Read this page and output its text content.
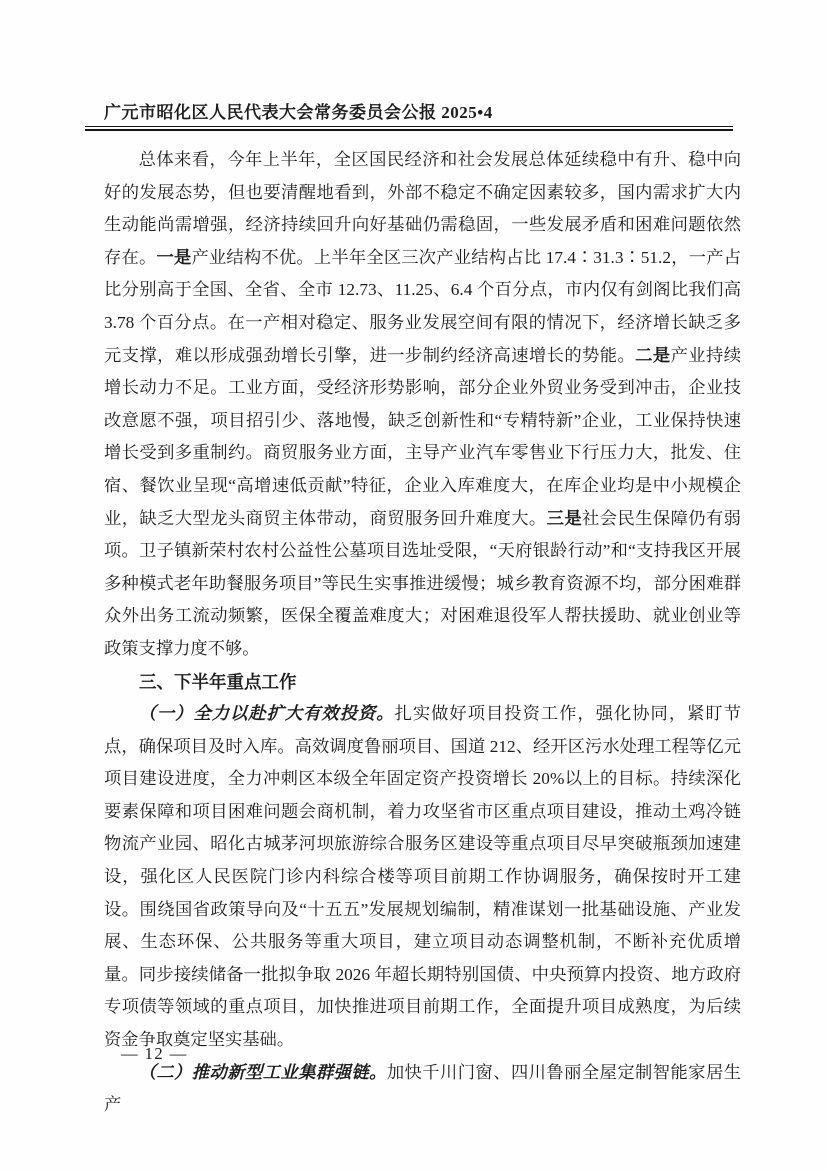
广元市昭化区人民代表大会常务委员会公报 2025•4

总体来看，今年上半年，全区国民经济和社会发展总体延续稳中有升、稳中向好的发展态势，但也要清醒地看到，外部不稳定不确定因素较多，国内需求扩大内生动能尚需增强，经济持续回升向好基础仍需稳固，一些发展矛盾和困难问题依然存在。一是产业结构不优。上半年全区三次产业结构占比 17.4∶31.3∶51.2，一产占比分别高于全国、全省、全市 12.73、11.25、6.4 个百分点，市内仅有剑阁比我们高 3.78 个百分点。在一产相对稳定、服务业发展空间有限的情况下，经济增长缺乏多元支撑，难以形成强劲增长引擎，进一步制约经济高速增长的势能。二是产业持续增长动力不足。工业方面，受经济形势影响，部分企业外贸业务受到冲击，企业技改意愿不强，项目招引少、落地慢，缺乏创新性和“专精特新”企业，工业保持快速增长受到多重制约。商贸服务业方面，主导产业汽车零售业下行压力大，批发、住宿、餐饮业呈现“高增速低贡献”特征，企业入库难度大，在库企业均是中小规模企业，缺乏大型龙头商贸主体带动，商贸服务回升难度大。三是社会民生保障仍有弱项。卫子镇新荣村农村公益性公墓项目选址受限，“天府银龄行动”和“支持我区开展多种模式老年助餐服务项目”等民生实事推进缓慢；城乡教育资源不均，部分困难群众外出务工流动频繁，医保全覆盖难度大；对困难退役军人帮扶援助、就业创业等政策支撑力度不够。

三、下半年重点工作

（一）全力以赴扩大有效投资。扎实做好项目投资工作，强化协同，紧盯节点，确保项目及时入库。高效调度鲁丽项目、国道 212、经开区污水处理工程等亿元项目建设进度，全力冲刺区本级全年固定资产投资增长 20%以上的目标。持续深化要素保障和项目困难问题会商机制，着力攻坚省市区重点项目建设，推动土鸡冷链物流产业园、昭化古城茅河坝旅游综合服务区建设等重点项目尽早突破瓶颈加速建设，强化区人民医院门诊内科综合楼等项目前期工作协调服务，确保按时开工建设。围绕国省政策导向及“十五五”发展规划编制，精准谋划一批基础设施、产业发展、生态环保、公共服务等重大项目，建立项目动态调整机制，不断补充优质增量。同步接续储备一批拟争取 2026 年超长期特别国债、中央预算内投资、地方政府专项债等领域的重点项目，加快推进项目前期工作，全面提升项目成熟度，为后续资金争取奠定坚实基础。

（二）推动新型工业集群强链。加快千川门窗、四川鲁丽全屋定制智能家居生产

— 12 —
